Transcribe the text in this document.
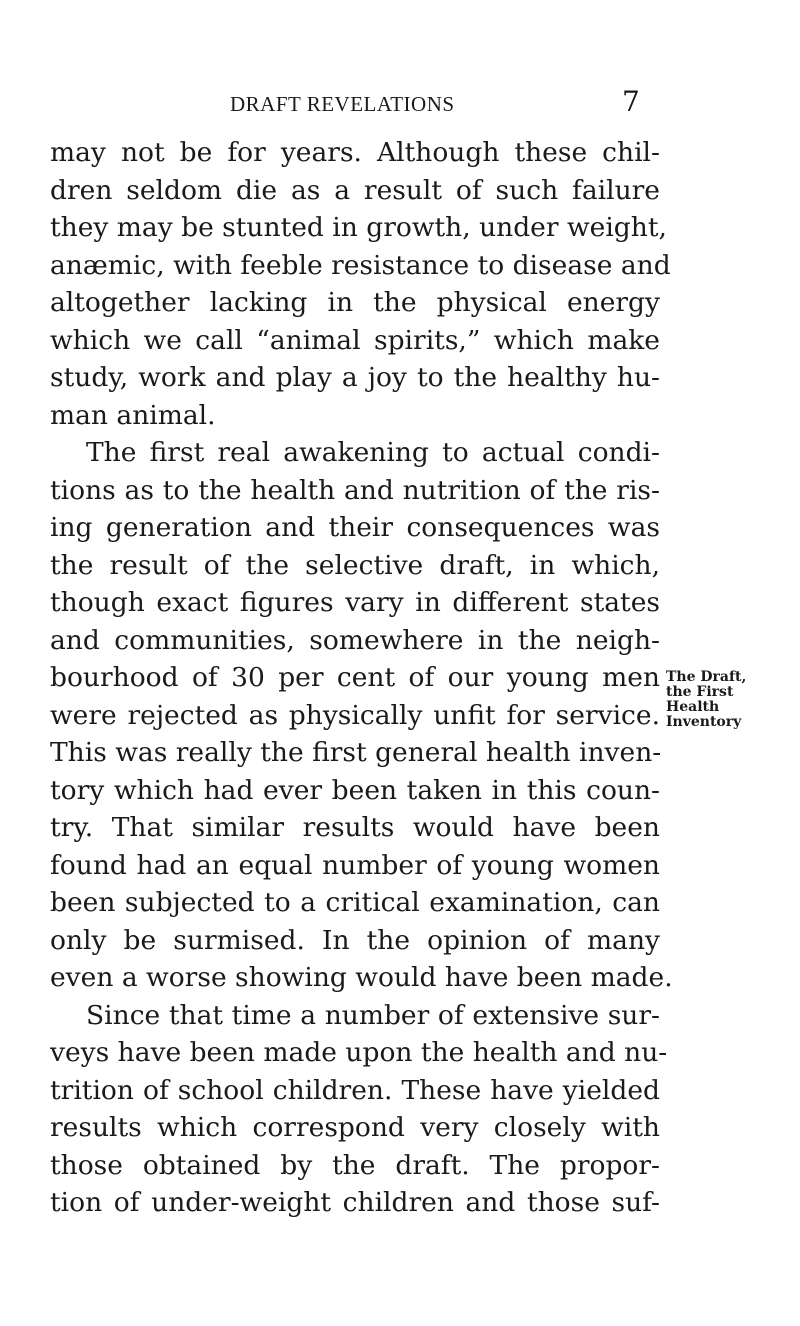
DRAFT REVELATIONS	7
may not be for years. Although these chil-
dren seldom die as a result of such failure
they may be stunted in growth, under weight,
anæmic, with feeble resistance to disease and
altogether lacking in the physical energy
which we call “animal spirits,” which make
study, work and play a joy to the healthy hu-
man animal.
The first real awakening to actual condi-
tions as to the health and nutrition of the ris-
ing generation and their consequences was
the result of the selective draft, in which,
though exact figures vary in different states
and communities, somewhere in the neigh-
bourhood of 30 per cent of our young men
were rejected as physically unfit for service.
This was really the first general health inven-
tory which had ever been taken in this coun-
try. That similar results would have been
found had an equal number of young women
been subjected to a critical examination, can
only be surmised. In the opinion of many
even a worse showing would have been made.
Since that time a number of extensive sur-
veys have been made upon the health and nu-
trition of school children. These have yielded
results which correspond very closely with
those obtained by the draft. The propor-
tion of under-weight children and those suf-
The Draft,
the First
Health
Inventory
